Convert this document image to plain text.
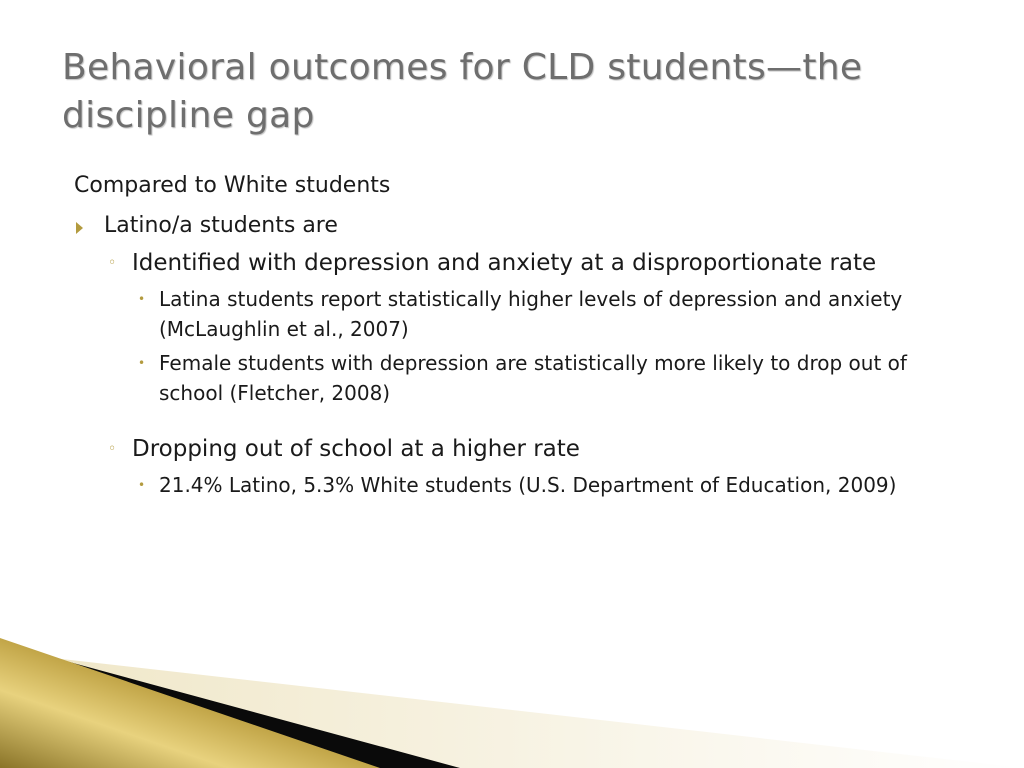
Behavioral outcomes for CLD students—the discipline gap

Compared to White students

Latino/a students are
◦ Identified with depression and anxiety at a disproportionate rate
• Latina students report statistically higher levels of depression and anxiety (McLaughlin et al., 2007)
• Female students with depression are statistically more likely to drop out of school (Fletcher, 2008)
◦ Dropping out of school at a higher rate
• 21.4% Latino, 5.3% White students (U.S. Department of Education, 2009)
